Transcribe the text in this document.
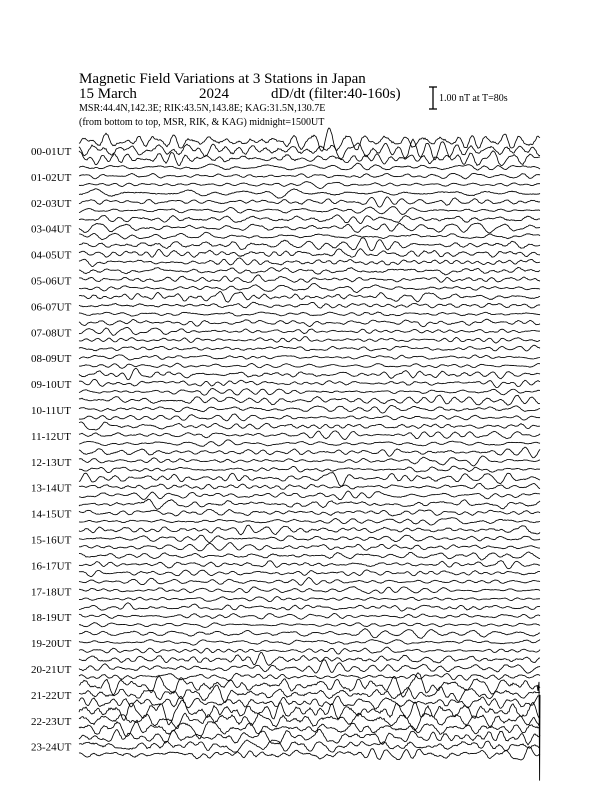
Magnetic Field Variations at 3 Stations in Japan

15 March

	2024

	dD/dt (filter:40-160s)

MSR:44.4N,142.3E; RIK:43.5N,143.8E; KAG:31.5N,130.7E
(from bottom to top, MSR, RIK, & KAG) midnight=1500UT
1.00 nT at T=80s
00-01UT
01-02UT
02-03UT
03-04UT
04-05UT
05-06UT
06-07UT
07-08UT
08-09UT
09-10UT
10-11UT
11-12UT
12-13UT
13-14UT
14-15UT
15-16UT
16-17UT
17-18UT
18-19UT
19-20UT
20-21UT
21-22UT
22-23UT
23-24UT
